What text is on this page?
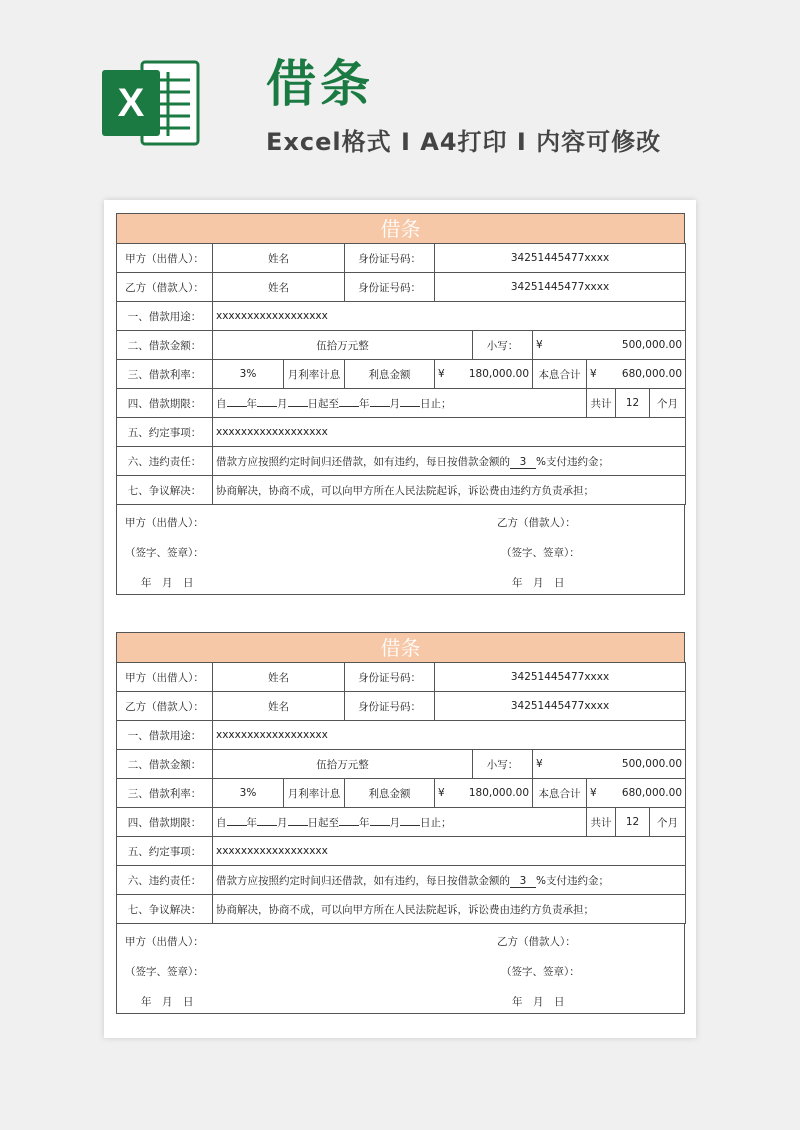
X 借条
Excel格式 Ⅰ A4打印 Ⅰ 内容可修改
借条
甲方（出借人）：	姓名		身份证号码：	34251445477xxxx					
乙方（借款人）：	姓名		身份证号码：	34251445477xxxx					
一、借款用途：	xxxxxxxxxxxxxxxxxx								
二、借款金额：	伍拾万元整				小写：	¥ 500,000.00			

三、借款利率：	3%	月利率计息	利息金额	¥ 180,000.00		本息合计	¥ 680,000.00		

四、借款期限：	自 年 月 日起至 年 月 日止；						共计	12	个月
五、约定事项：	xxxxxxxxxxxxxxxxxx								
六、违约责任：	借款方应按照约定时间归还借款，如有违约，每日按借款金额的 3 %支付违约金；								
七、争议解决：	协商解决，协商不成，可以向甲方所在人民法院起诉，诉讼费由违约方负责承担；								
甲方（出借人）：
（签字、签章）：
年　月　日
乙方（借款人）：
（签字、签章）：
年　月　日
借条
甲方（出借人）：	姓名		身份证号码：	34251445477xxxx					
乙方（借款人）：	姓名		身份证号码：	34251445477xxxx					
一、借款用途：	xxxxxxxxxxxxxxxxxx								
二、借款金额：	伍拾万元整				小写：	¥ 500,000.00			

三、借款利率：	3%	月利率计息	利息金额	¥ 180,000.00		本息合计	¥ 680,000.00		

四、借款期限：	自 年 月 日起至 年 月 日止；						共计	12	个月
五、约定事项：	xxxxxxxxxxxxxxxxxx								
六、违约责任：	借款方应按照约定时间归还借款，如有违约，每日按借款金额的 3 %支付违约金；								
七、争议解决：	协商解决，协商不成，可以向甲方所在人民法院起诉，诉讼费由违约方负责承担；								
甲方（出借人）：
（签字、签章）：
年　月　日
乙方（借款人）：
（签字、签章）：
年　月　日
